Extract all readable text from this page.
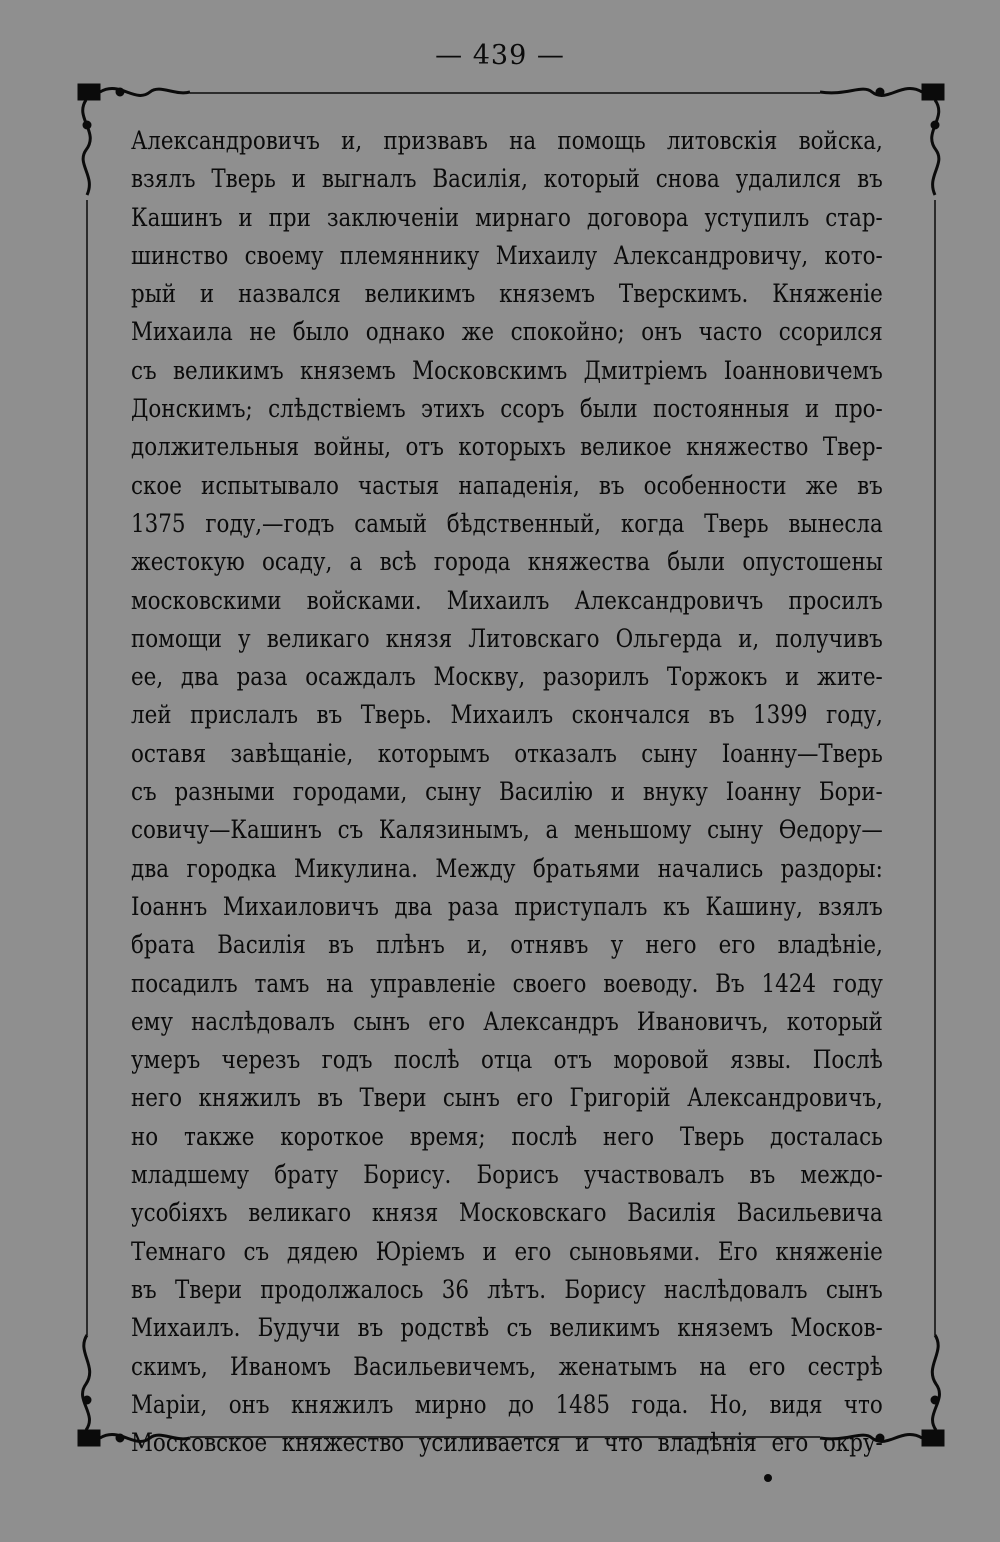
— 439 —
Александровичъ и, призвавъ на помощь литовскія войска,
взялъ Тверь и выгналъ Василія, который снова удалился въ
Кашинъ и при заключеніи мирнаго договора уступилъ стар-
шинство своему племяннику Михаилу Александровичу, кото-
рый и назвался великимъ княземъ Тверскимъ. Княженіе
Михаила не было однако же спокойно; онъ часто ссорился
съ великимъ княземъ Московскимъ Дмитріемъ Іоанновичемъ
Донскимъ; слѣдствіемъ этихъ ссоръ были постоянныя и про-
должительныя войны, отъ которыхъ великое княжество Твер-
ское испытывало частыя нападенія, въ особенности же въ
1375 году,—годъ самый бѣдственный, когда Тверь вынесла
жестокую осаду, а всѣ города княжества были опустошены
московскими войсками. Михаилъ Александровичъ просилъ
помощи у великаго князя Литовскаго Ольгерда и, получивъ
ее, два раза осаждалъ Москву, разорилъ Торжокъ и жите-
лей прислалъ въ Тверь. Михаилъ скончался въ 1399 году,
оставя завѣщаніе, которымъ отказалъ сыну Іоанну—Тверь
съ разными городами, сыну Василію и внуку Іоанну Бори-
совичу—Кашинъ съ Калязинымъ, а меньшому сыну Ѳедору—
два городка Микулина. Между братьями начались раздоры:
Іоаннъ Михаиловичъ два раза приступалъ къ Кашину, взялъ
брата Василія въ плѣнъ и, отнявъ у него его владѣніе,
посадилъ тамъ на управленіе своего воеводу. Въ 1424 году
ему наслѣдовалъ сынъ его Александръ Ивановичъ, который
умеръ черезъ годъ послѣ отца отъ моровой язвы. Послѣ
него княжилъ въ Твери сынъ его Григорій Александровичъ,
но также короткое время; послѣ него Тверь досталась
младшему брату Борису. Борисъ участвовалъ въ междо-
усобіяхъ великаго князя Московскаго Василія Васильевича
Темнаго съ дядею Юріемъ и его сыновьями. Его княженіе
въ Твери продолжалось 36 лѣтъ. Борису наслѣдовалъ сынъ
Михаилъ. Будучи въ родствѣ съ великимъ княземъ Москов-
скимъ, Иваномъ Васильевичемъ, женатымъ на его сестрѣ
Маріи, онъ княжилъ мирно до 1485 года. Но, видя что
Московское княжество усиливается и что владѣнія его окру-
